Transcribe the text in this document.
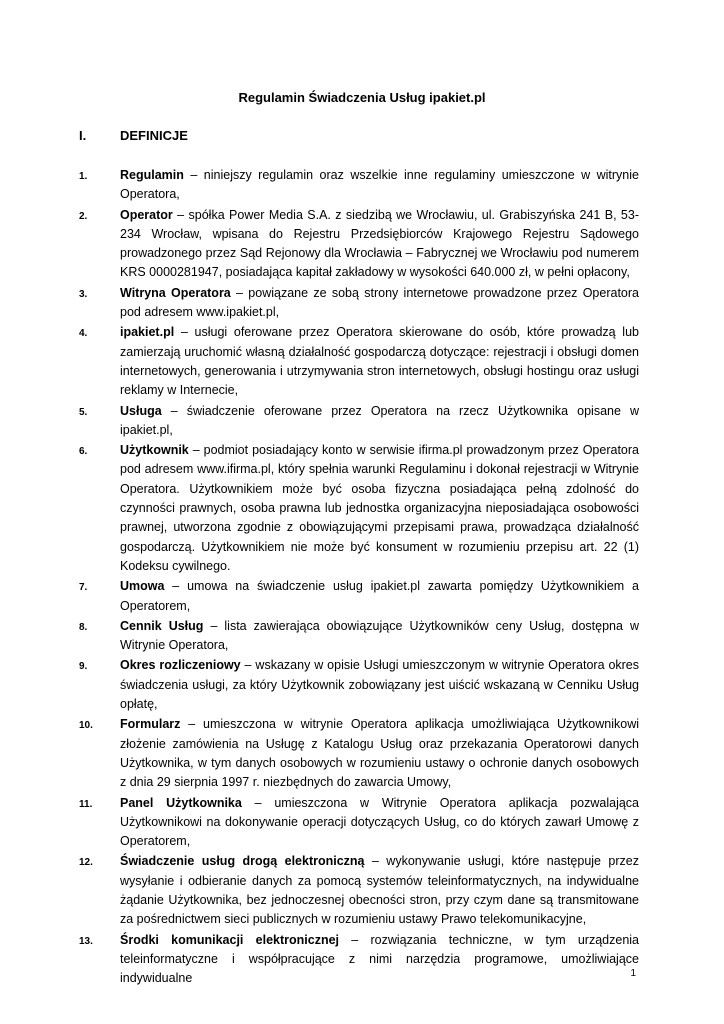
Regulamin Świadczenia Usług ipakiet.pl
I.	DEFINICJE
1.	Regulamin – niniejszy regulamin oraz wszelkie inne regulaminy umieszczone w witrynie Operatora,
2.	Operator – spółka Power Media S.A. z siedzibą we Wrocławiu, ul. Grabiszyńska 241 B, 53-234 Wrocław, wpisana do Rejestru Przedsiębiorców Krajowego Rejestru Sądowego prowadzonego przez Sąd Rejonowy dla Wrocławia – Fabrycznej we Wrocławiu pod numerem KRS 0000281947, posiadająca kapitał zakładowy w wysokości 640.000 zł, w pełni opłacony,
3.	Witryna Operatora – powiązane ze sobą strony internetowe prowadzone przez Operatora pod adresem www.ipakiet.pl,
4.	ipakiet.pl – usługi oferowane przez Operatora skierowane do osób, które prowadzą lub zamierzają uruchomić własną działalność gospodarczą dotyczące: rejestracji i obsługi domen internetowych, generowania i utrzymywania stron internetowych, obsługi hostingu oraz usługi reklamy w Internecie,
5.	Usługa – świadczenie oferowane przez Operatora na rzecz Użytkownika opisane w ipakiet.pl,
6.	Użytkownik – podmiot posiadający konto w serwisie ifirma.pl prowadzonym przez Operatora pod adresem www.ifirma.pl, który spełnia warunki Regulaminu i dokonał rejestracji w Witrynie Operatora. Użytkownikiem może być osoba fizyczna posiadająca pełną zdolność do czynności prawnych, osoba prawna lub jednostka organizacyjna nieposiadająca osobowości prawnej, utworzona zgodnie z obowiązującymi przepisami prawa, prowadząca działalność gospodarczą. Użytkownikiem nie może być konsument w rozumieniu przepisu art. 22 (1) Kodeksu cywilnego.
7.	Umowa – umowa na świadczenie usług ipakiet.pl zawarta pomiędzy Użytkownikiem a Operatorem,
8.	Cennik Usług – lista zawierająca obowiązujące Użytkowników ceny Usług, dostępna w Witrynie Operatora,
9.	Okres rozliczeniowy – wskazany w opisie Usługi umieszczonym w witrynie Operatora okres świadczenia usługi, za który Użytkownik zobowiązany jest uiścić wskazaną w Cenniku Usług opłatę,
10.	Formularz – umieszczona w witrynie Operatora aplikacja umożliwiająca Użytkownikowi złożenie zamówienia na Usługę z Katalogu Usług oraz przekazania Operatorowi danych Użytkownika, w tym danych osobowych w rozumieniu ustawy o ochronie danych osobowych z dnia 29 sierpnia 1997 r. niezbędnych do zawarcia Umowy,
11.	Panel Użytkownika – umieszczona w Witrynie Operatora aplikacja pozwalająca Użytkownikowi na dokonywanie operacji dotyczących Usług, co do których zawarł Umowę z Operatorem,
12.	Świadczenie usług drogą elektroniczną – wykonywanie usługi, które następuje przez wysyłanie i odbieranie danych za pomocą systemów teleinformatycznych, na indywidualne żądanie Użytkownika, bez jednoczesnej obecności stron, przy czym dane są transmitowane za pośrednictwem sieci publicznych w rozumieniu ustawy Prawo telekomunikacyjne,
13.	Środki komunikacji elektronicznej – rozwiązania techniczne, w tym urządzenia teleinformatyczne i współpracujące z nimi narzędzia programowe, umożliwiające indywidualne	1
